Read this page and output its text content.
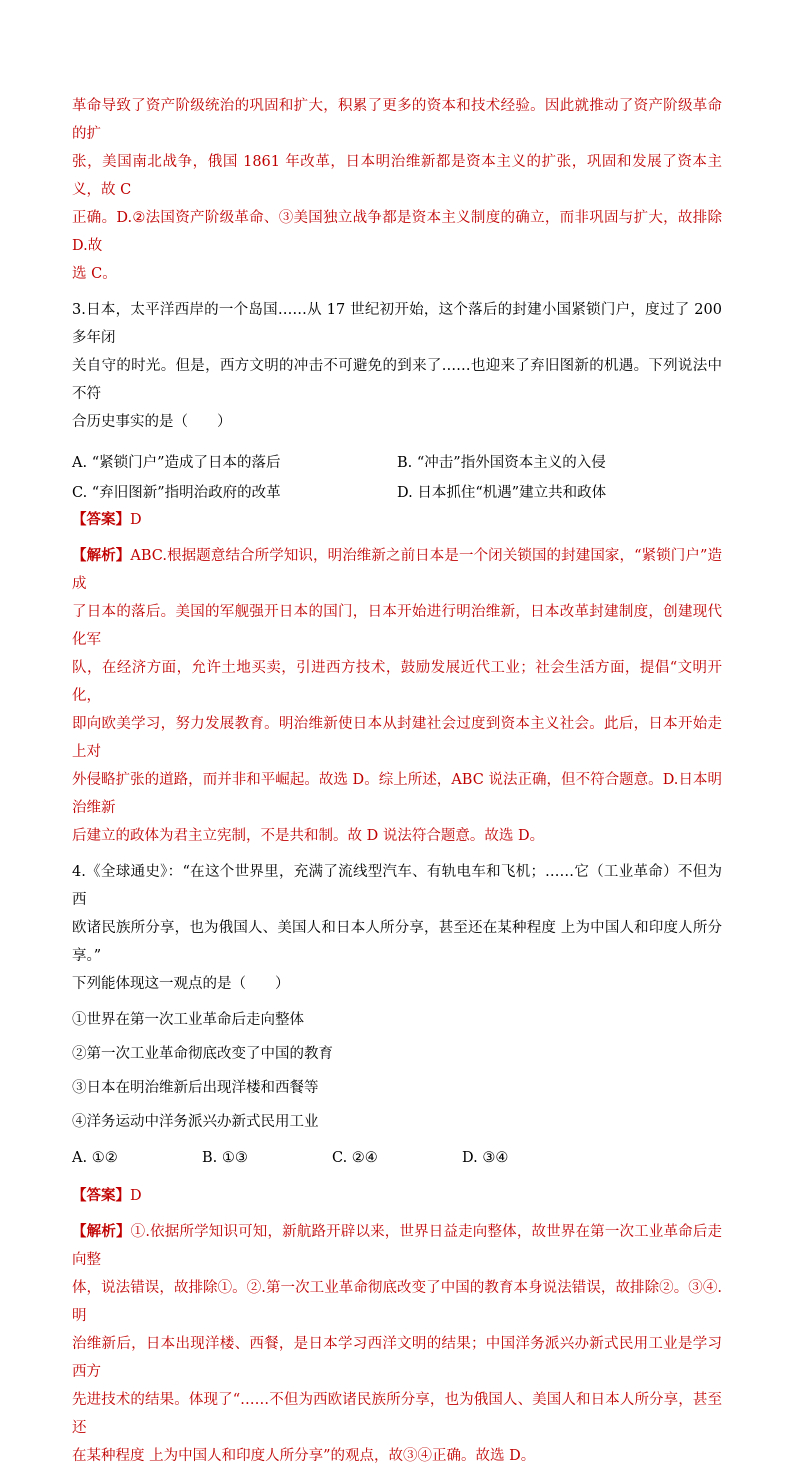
革命导致了资产阶级统治的巩固和扩大，积累了更多的资本和技术经验。因此就推动了资产阶级革命的扩

张，美国南北战争，俄国 1861 年改革，日本明治维新都是资本主义的扩张，巩固和发展了资本主义，故 C

正确。D.②法国资产阶级革命、③美国独立战争都是资本主义制度的确立，而非巩固与扩大，故排除 D.故

选 C。

3.日本，太平洋西岸的一个岛国……从 17 世纪初开始，这个落后的封建小国紧锁门户，度过了 200 多年闭

关自守的时光。但是，西方文明的冲击不可避免的到来了……也迎来了弃旧图新的机遇。下列说法中不符

合历史事实的是（　　）

A. “紧锁门户”造成了日本的落后	B. “冲击”指外国资本主义的入侵
C. “弃旧图新”指明治政府的改革	D. 日本抓住“机遇”建立共和政体
【答案】D

【解析】ABC.根据题意结合所学知识，明治维新之前日本是一个闭关锁国的封建国家，“紧锁门户”造成

了日本的落后。美国的军舰强开日本的国门，日本开始进行明治维新，日本改革封建制度，创建现代化军

队，在经济方面，允许土地买卖，引进西方技术，鼓励发展近代工业；社会生活方面，提倡“文明开化，

即向欧美学习，努力发展教育。明治维新使日本从封建社会过度到资本主义社会。此后，日本开始走上对

外侵略扩张的道路，而并非和平崛起。故选 D。综上所述，ABC 说法正确，但不符合题意。D.日本明治维新

后建立的政体为君主立宪制，不是共和制。故 D 说法符合题意。故选 D。

4.《全球通史》：“在这个世界里，充满了流线型汽车、有轨电车和飞机；……它（工业革命）不但为西

欧诸民族所分享，也为俄国人、美国人和日本人所分享，甚至还在某种程度 上为中国人和印度人所分享。”

下列能体现这一观点的是（　　）

①世界在第一次工业革命后走向整体
②第一次工业革命彻底改变了中国的教育
③日本在明治维新后出现洋楼和西餐等
④洋务运动中洋务派兴办新式民用工业
A. ①②	B. ①③	C. ②④	D. ③④
【答案】D

【解析】①.依据所学知识可知，新航路开辟以来，世界日益走向整体，故世界在第一次工业革命后走向整

体，说法错误，故排除①。②.第一次工业革命彻底改变了中国的教育本身说法错误，故排除②。③④.明

治维新后，日本出现洋楼、西餐，是日本学习西洋文明的结果；中国洋务派兴办新式民用工业是学习西方

先进技术的结果。体现了“……不但为西欧诸民族所分享，也为俄国人、美国人和日本人所分享，甚至还

在某种程度 上为中国人和印度人所分享”的观点，故③④正确。故选 D。
